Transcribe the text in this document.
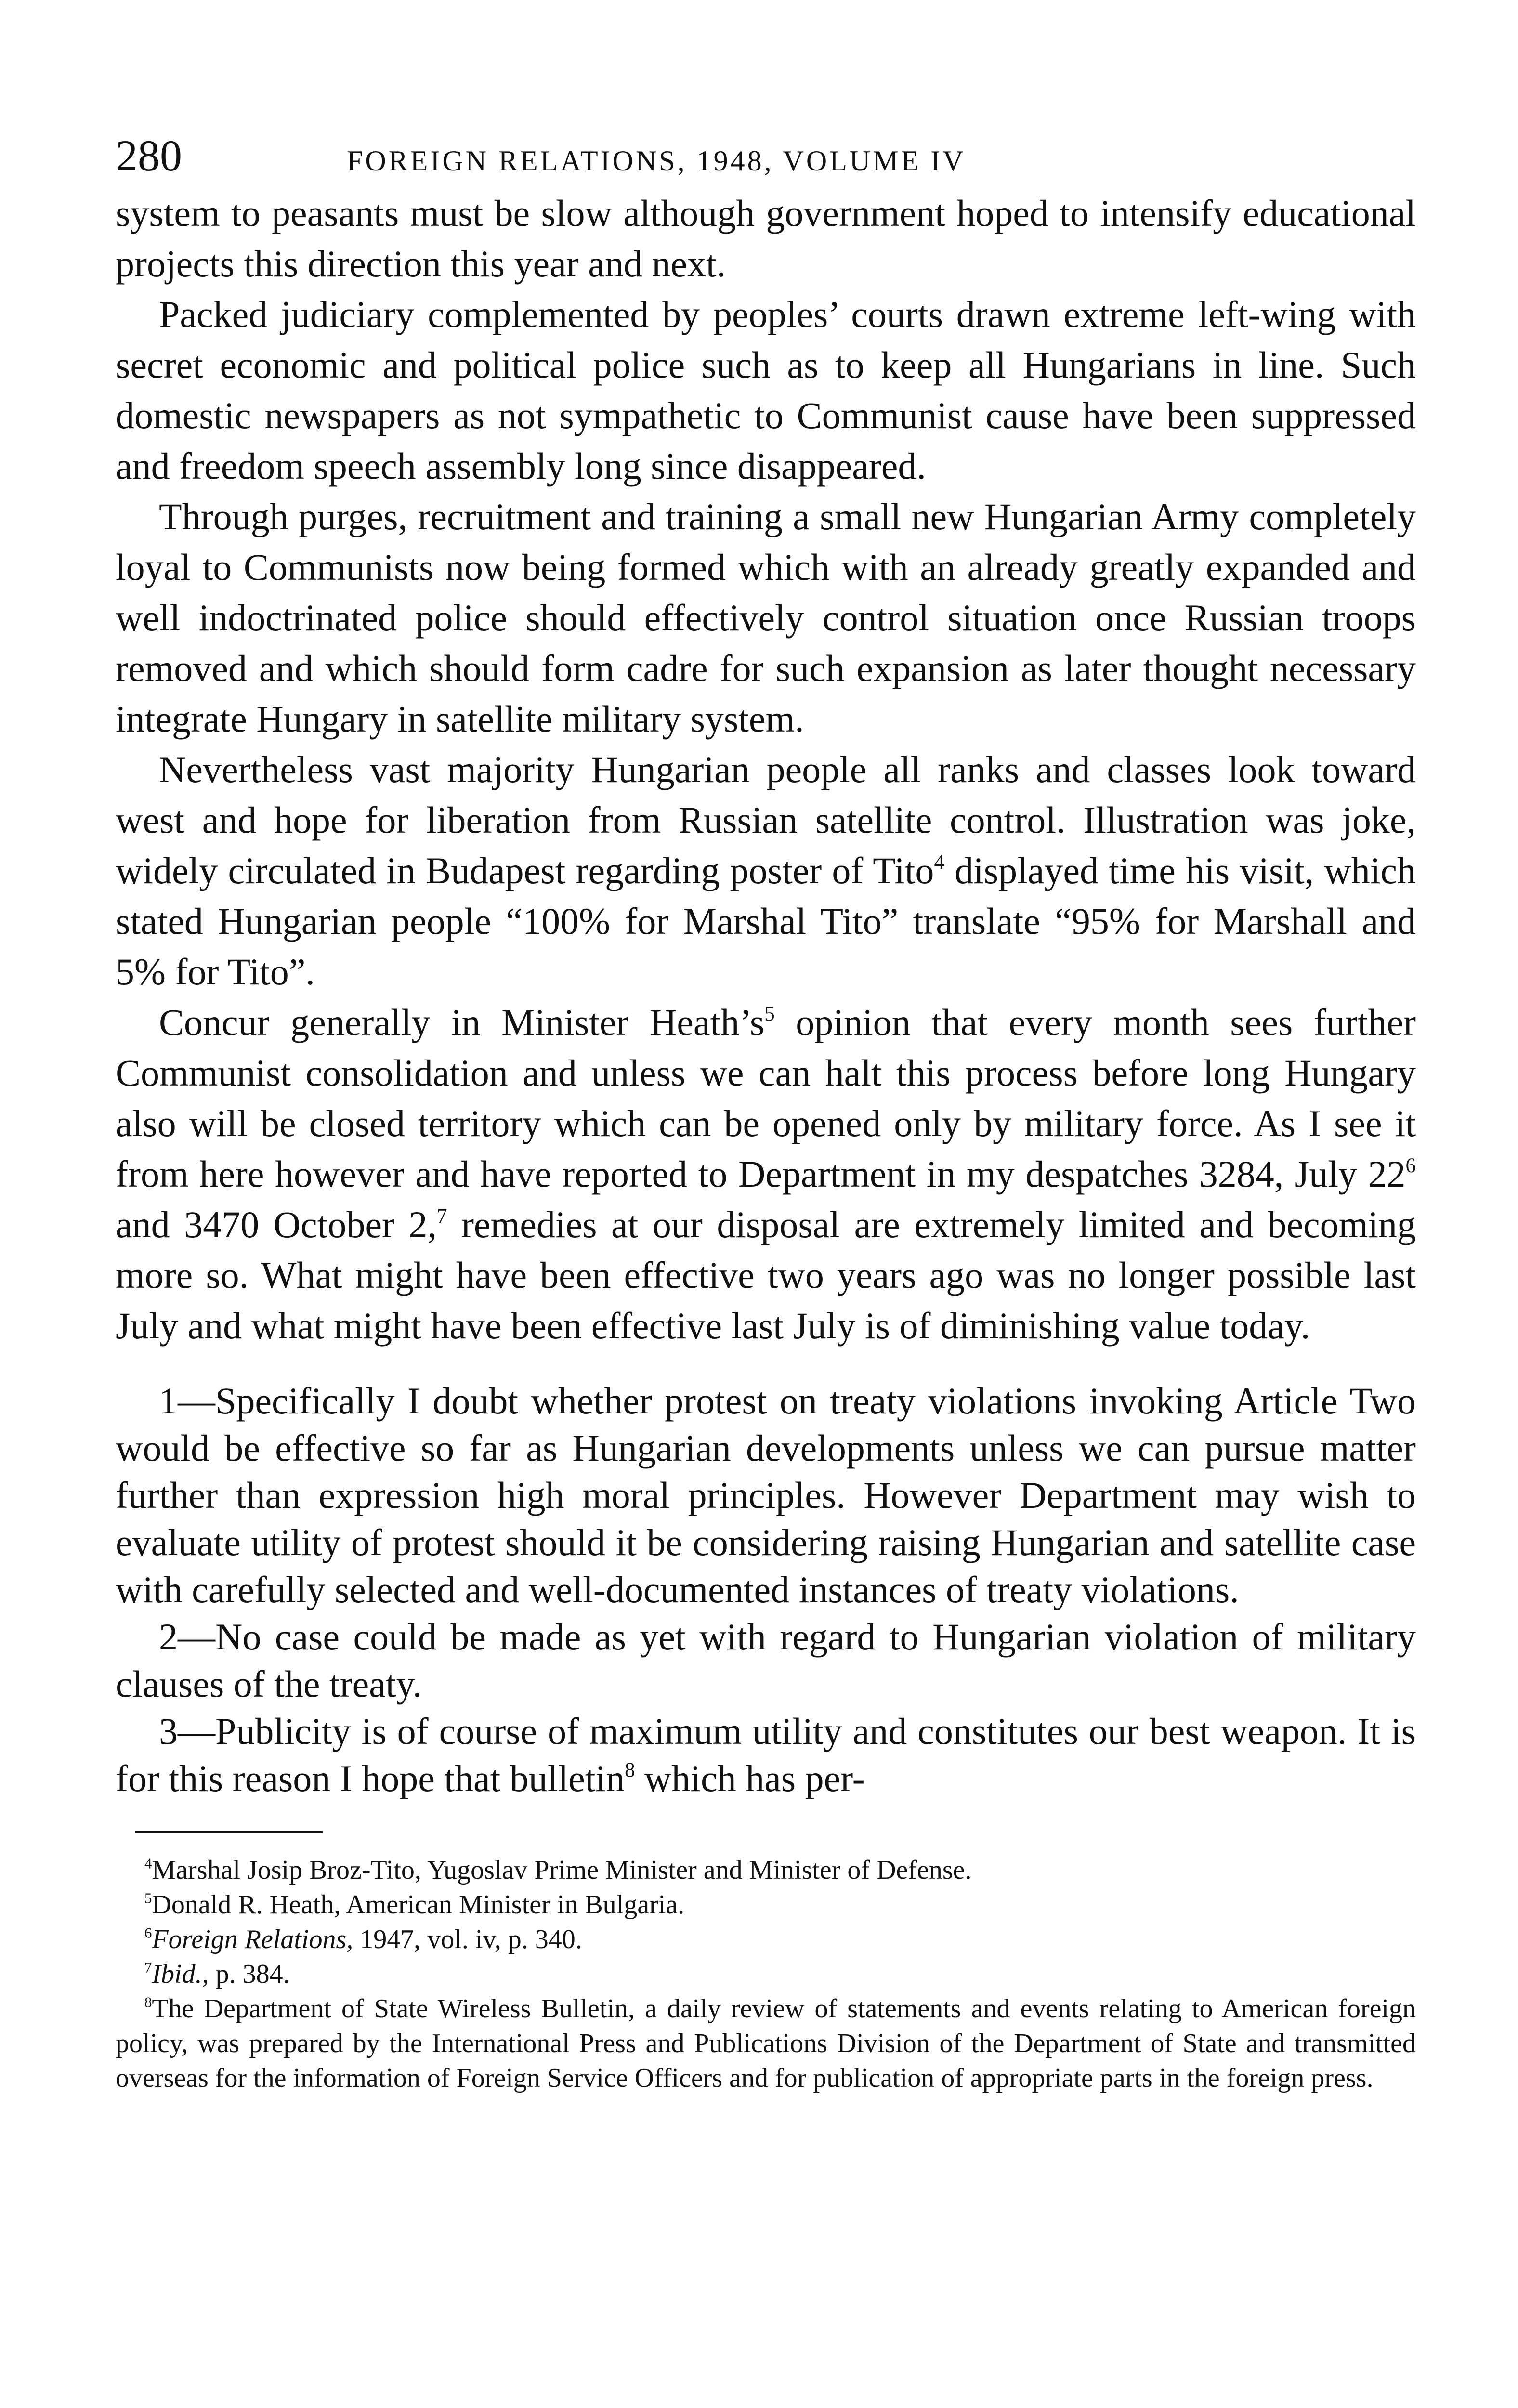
280	FOREIGN RELATIONS, 1948, VOLUME IV

system to peasants must be slow although government hoped to intensify educational projects this direction this year and next.

Packed judiciary complemented by peoples’ courts drawn extreme left-wing with secret economic and political police such as to keep all Hungarians in line. Such domestic newspapers as not sympathetic to Communist cause have been suppressed and freedom speech assembly long since disappeared.

Through purges, recruitment and training a small new Hungarian Army completely loyal to Communists now being formed which with an already greatly expanded and well indoctrinated police should effectively control situation once Russian troops removed and which should form cadre for such expansion as later thought necessary integrate Hungary in satellite military system.

Nevertheless vast majority Hungarian people all ranks and classes look toward west and hope for liberation from Russian satellite control. Illustration was joke, widely circulated in Budapest regarding poster of Tito$^4$ displayed time his visit, which stated Hungarian people “100% for Marshal Tito” translate “95% for Marshall and 5% for Tito”.

Concur generally in Minister $Heath’s^5$ opinion that every month sees further Communist consolidation and unless we can halt this process before long Hungary also will be closed territory which can be opened only by military force. As I see it from here however and have reported to Department in my despatches 3284, July $22^6$ and 3470 October 2,$^7$ remedies at our disposal are extremely limited and becoming more so. What might have been effective two years ago was no longer possible last July and what might have been effective last July is of diminishing value today.

1—Specifically I doubt whether protest on treaty violations invoking Article Two would be effective so far as Hungarian developments unless we can pursue matter further than expression high moral principles. However Department may wish to evaluate utility of protest should it be considering raising Hungarian and satellite case with carefully selected and well-documented instances of treaty violations.

2—No case could be made as yet with regard to Hungarian violation of military clauses of the treaty.

3—Publicity is of course of maximum utility and constitutes our best weapon. It is for this reason I hope that bulletin$^8$ which has per-

$^4$Marshal Josip Broz-Tito, Yugoslav Prime Minister and Minister of Defense.

$^5$Donald R. Heath, American Minister in Bulgaria.

$^6$Foreign Relations, 1947, vol. iv, p. 340.

$^7$Ibid., p. 384.

$^8$The Department of State Wireless Bulletin, a daily review of statements and events relating to American foreign policy, was prepared by the International Press and Publications Division of the Department of State and transmitted overseas for the information of Foreign Service Officers and for publication of appropriate parts in the foreign press.
